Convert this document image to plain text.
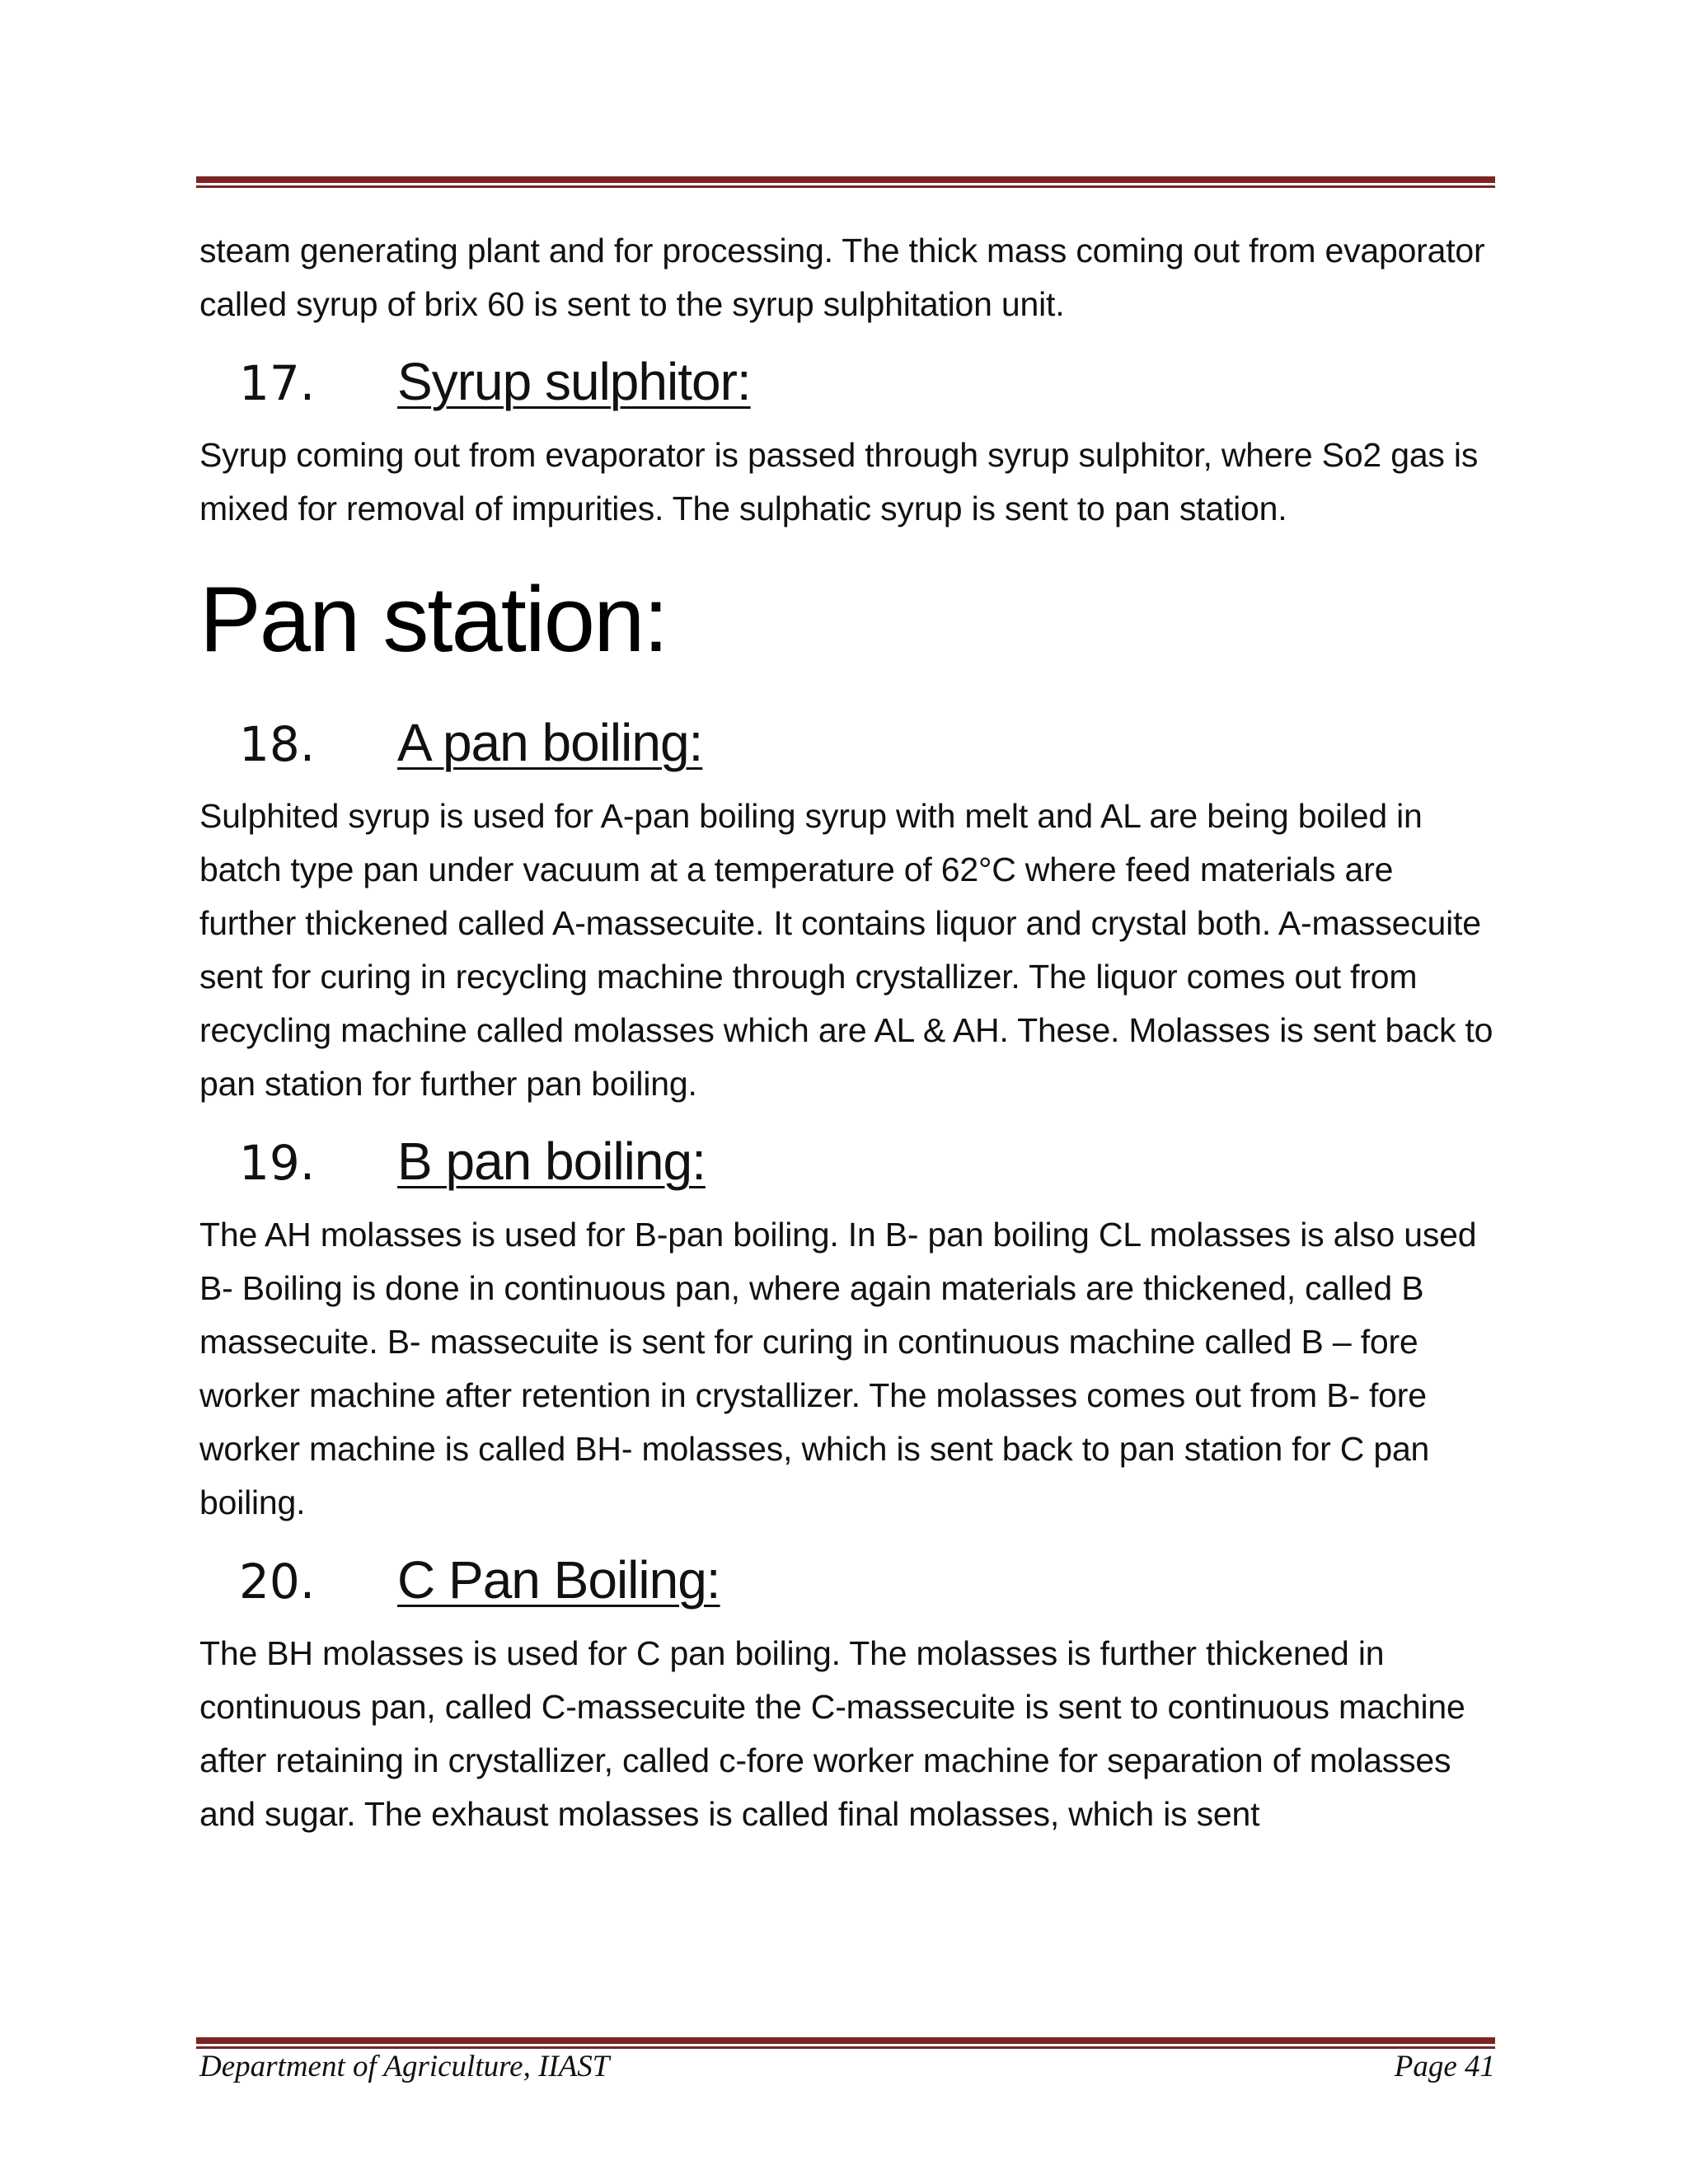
steam generating plant and for processing. The thick mass coming out from evaporator called syrup of brix 60 is sent to the syrup sulphitation unit.

17.	Syrup sulphitor:

Syrup coming out from evaporator is passed through syrup sulphitor, where So2 gas is mixed for removal of impurities. The sulphatic syrup is sent to pan station.

Pan station:
18.	A pan boiling:

Sulphited syrup is used for A-pan boiling syrup with melt and AL are being boiled in batch type pan under vacuum at a temperature of 62°C where feed materials are further thickened called A-massecuite. It contains liquor and crystal both. A-massecuite sent for curing in recycling machine through crystallizer. The liquor comes out from recycling machine called molasses which are AL & AH. These. Molasses is sent back to pan station for further pan boiling.

19.	B pan boiling:

The AH molasses is used for B-pan boiling. In B- pan boiling CL molasses is also used B- Boiling is done in continuous pan, where again materials are thickened, called B massecuite. B- massecuite is sent for curing in continuous machine called B – fore worker machine after retention in crystallizer. The molasses comes out from B- fore worker machine is called BH- molasses, which is sent back to pan station for C pan boiling.

20.	C Pan Boiling:

The BH molasses is used for C pan boiling. The molasses is further thickened in continuous pan, called C-massecuite the C-massecuite is sent to continuous machine after retaining in crystallizer, called c-fore worker machine for separation of molasses and sugar. The exhaust molasses is called final molasses, which is sent

Department of Agriculture, IIAST	Page 41
